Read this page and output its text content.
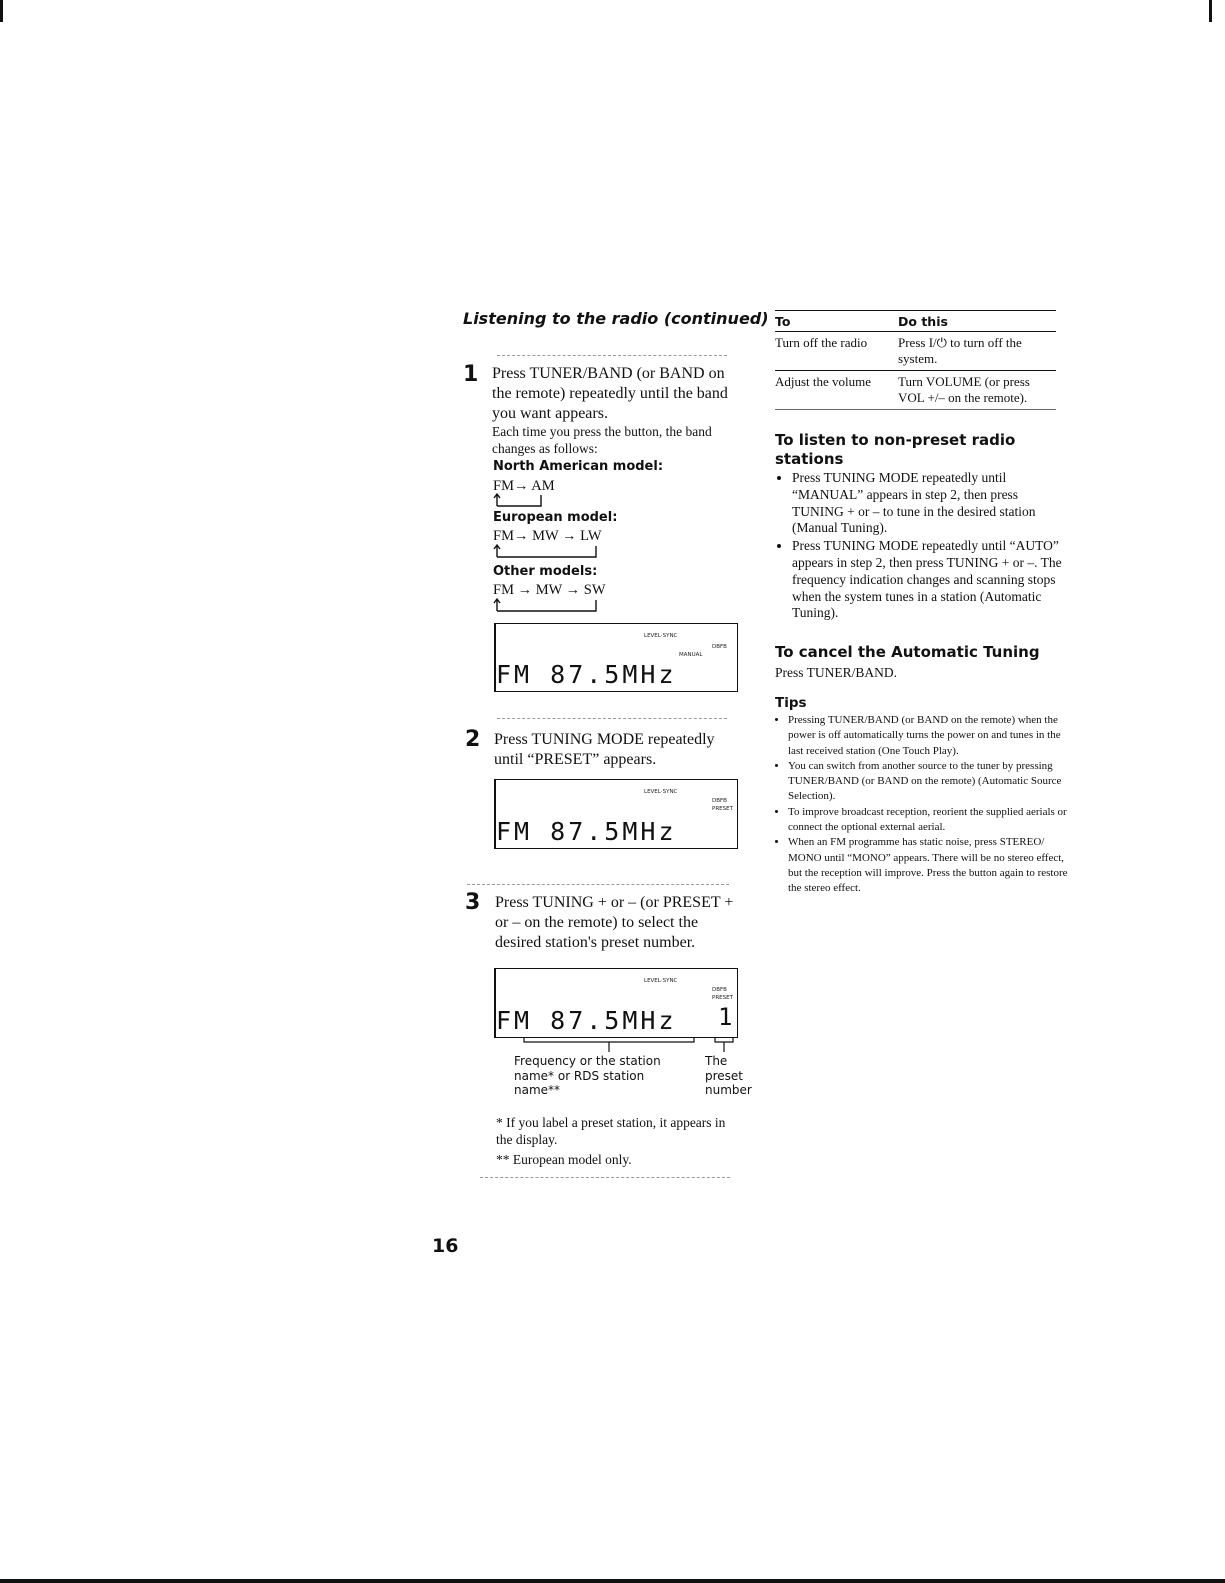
Listening to the radio (continued)
1 Press TUNER/BAND (or BAND on the remote) repeatedly until the band you want appears.
Each time you press the button, the band changes as follows:
North American model:
FM→ AM
European model:
FM→ MW → LW
Other models:
FM → MW → SW
LEVEL·SYNC
DBFB
MANUAL
FM 87.5MHz
2 Press TUNING MODE repeatedly until “PRESET” appears.
LEVEL·SYNC
DBFB
PRESET
FM 87.5MHz
3 Press TUNING + or – (or PRESET + or – on the remote) to select the desired station's preset number.
LEVEL·SYNC
DBFB
PRESET
FM 87.5MHz 1
Frequency or the station name* or RDS station name**
The preset number
* If you label a preset station, it appears in the display.
** European model only.
To	Do this
Turn off the radio	Press I/⏻ to turn off the system.
Adjust the volume	Turn VOLUME (or press VOL +/– on the remote).
To listen to non-preset radio stations
• Press TUNING MODE repeatedly until “MANUAL” appears in step 2, then press TUNING + or – to tune in the desired station (Manual Tuning).
• Press TUNING MODE repeatedly until “AUTO” appears in step 2, then press TUNING + or –. The frequency indication changes and scanning stops when the system tunes in a station (Automatic Tuning).
To cancel the Automatic Tuning
Press TUNER/BAND.
Tips
• Pressing TUNER/BAND (or BAND on the remote) when the power is off automatically turns the power on and tunes in the last received station (One Touch Play).
• You can switch from another source to the tuner by pressing TUNER/BAND (or BAND on the remote) (Automatic Source Selection).
• To improve broadcast reception, reorient the supplied aerials or connect the optional external aerial.
• When an FM programme has static noise, press STEREO/ MONO until “MONO” appears. There will be no stereo effect, but the reception will improve. Press the button again to restore the stereo effect.
16
